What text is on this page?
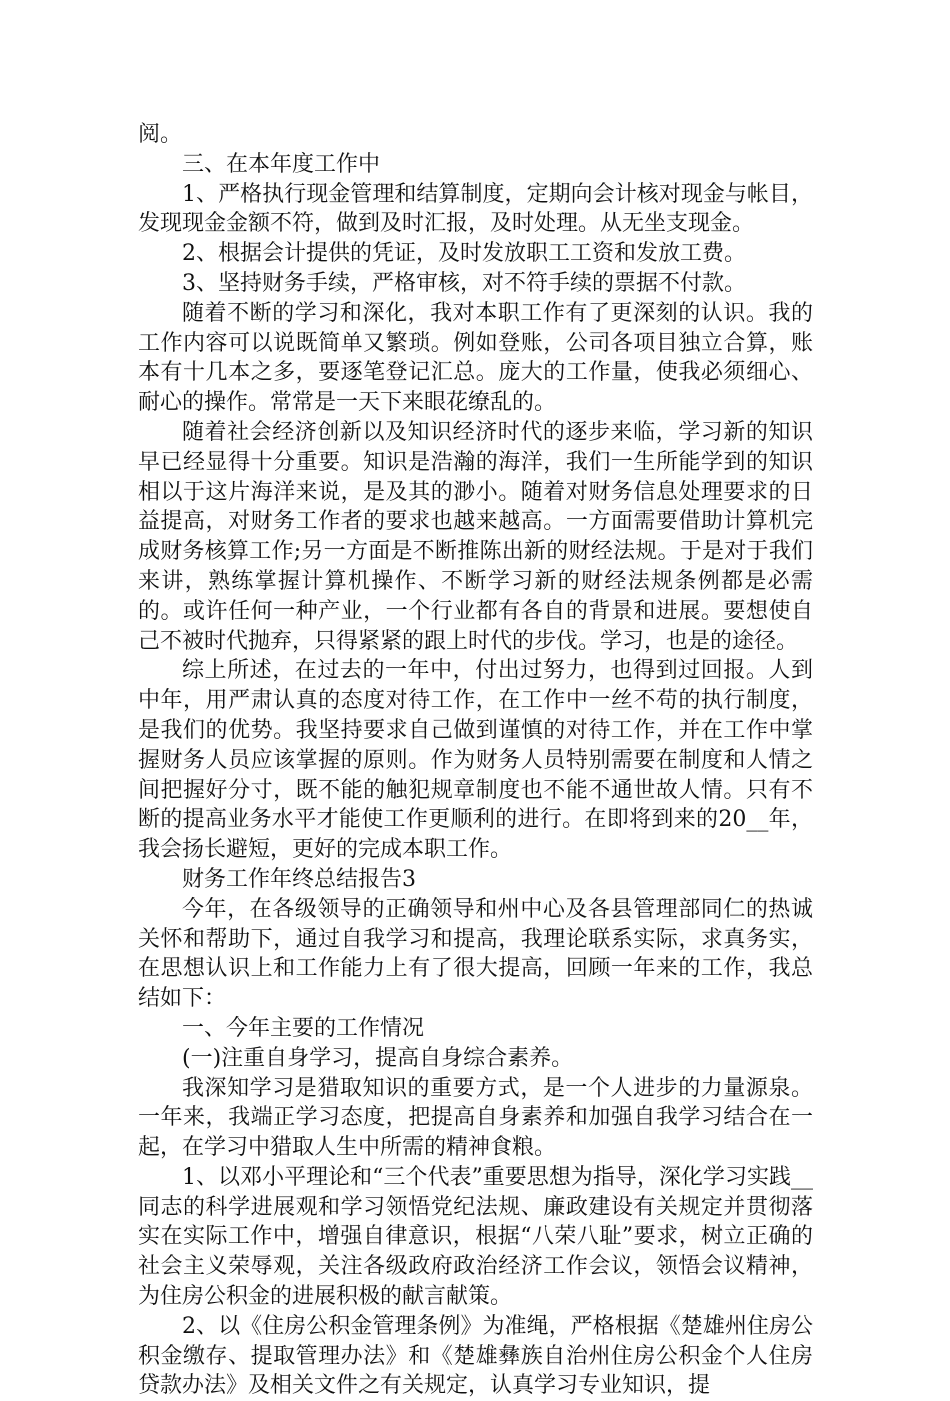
阅。

三、在本年度工作中

1、严格执行现金管理和结算制度，定期向会计核对现金与帐目，发现现金金额不符，做到及时汇报，及时处理。从无坐支现金。

2、根据会计提供的凭证，及时发放职工工资和发放工费。

3、坚持财务手续，严格审核，对不符手续的票据不付款。

随着不断的学习和深化，我对本职工作有了更深刻的认识。我的工作内容可以说既简单又繁琐。例如登账，公司各项目独立合算，账本有十几本之多，要逐笔登记汇总。庞大的工作量，使我必须细心、耐心的操作。常常是一天下来眼花缭乱的。

随着社会经济创新以及知识经济时代的逐步来临，学习新的知识早已经显得十分重要。知识是浩瀚的海洋，我们一生所能学到的知识相以于这片海洋来说，是及其的渺小。随着对财务信息处理要求的日益提高，对财务工作者的要求也越来越高。一方面需要借助计算机完成财务核算工作;另一方面是不断推陈出新的财经法规。于是对于我们来讲，熟练掌握计算机操作、不断学习新的财经法规条例都是必需的。或许任何一种产业，一个行业都有各自的背景和进展。要想使自己不被时代抛弃，只得紧紧的跟上时代的步伐。学习，也是的途径。

综上所述，在过去的一年中，付出过努力，也得到过回报。人到中年，用严肃认真的态度对待工作，在工作中一丝不苟的执行制度，是我们的优势。我坚持要求自己做到谨慎的对待工作，并在工作中掌握财务人员应该掌握的原则。作为财务人员特别需要在制度和人情之间把握好分寸，既不能的触犯规章制度也不能不通世故人情。只有不断的提高业务水平才能使工作更顺利的进行。在即将到来的20__年，我会扬长避短，更好的完成本职工作。

财务工作年终总结报告3

今年，在各级领导的正确领导和州中心及各县管理部同仁的热诚关怀和帮助下，通过自我学习和提高，我理论联系实际，求真务实，在思想认识上和工作能力上有了很大提高，回顾一年来的工作，我总结如下：

一、今年主要的工作情况

(一)注重自身学习，提高自身综合素养。

我深知学习是猎取知识的重要方式，是一个人进步的力量源泉。一年来，我端正学习态度，把提高自身素养和加强自我学习结合在一起，在学习中猎取人生中所需的精神食粮。

1、以邓小平理论和“三个代表”重要思想为指导，深化学习实践__同志的科学进展观和学习领悟党纪法规、廉政建设有关规定并贯彻落实在实际工作中，增强自律意识，根据“八荣八耻”要求，树立正确的社会主义荣辱观，关注各级政府政治经济工作会议，领悟会议精神，为住房公积金的进展积极的献言献策。

2、以《住房公积金管理条例》为准绳，严格根据《楚雄州住房公积金缴存、提取管理办法》和《楚雄彝族自治州住房公积金个人住房贷款办法》及相关文件之有关规定，认真学习专业知识，提
